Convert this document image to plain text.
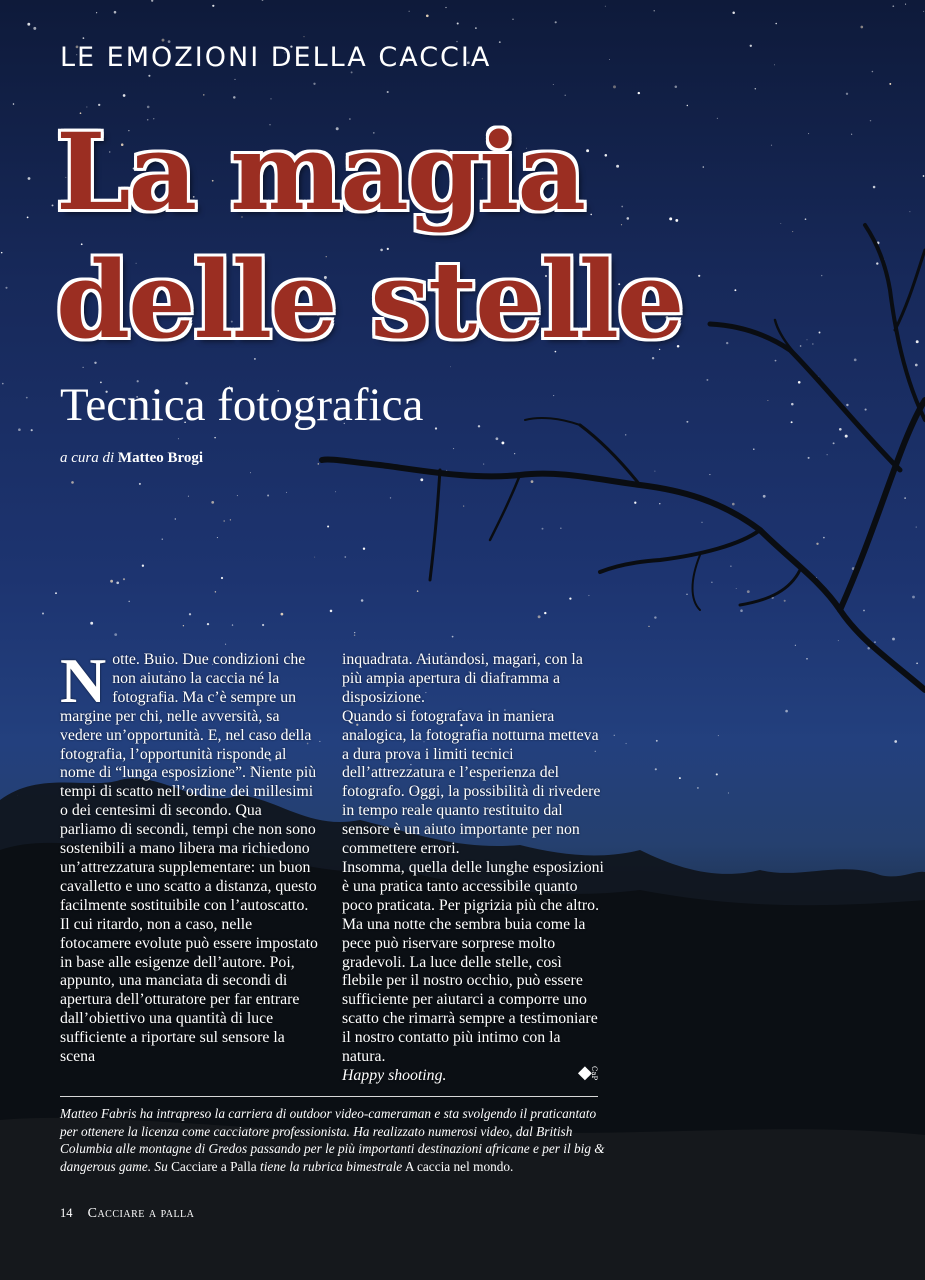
LE EMOZIONI DELLA CACCIA
La magia
delle stelle
Tecnica fotografica
a cura di Matteo Brogi
N otte. Buio. Due condizioni che non aiutano la caccia né la fotografia. Ma c’è sempre un margine per chi, nelle avversità, sa vedere un’opportunità. E, nel caso della fotografia, l’opportunità risponde al nome di “lunga esposizione”. Niente più tempi di scatto nell’ordine dei millesimi o dei centesimi di secondo. Qua parliamo di secondi, tempi che non sono sostenibili a mano libera ma richiedono un’attrezzatura supplementare: un buon cavalletto e uno scatto a distanza, questo facilmente sostituibile con l’autoscatto. Il cui ritardo, non a caso, nelle fotocamere evolute può essere impostato in base alle esigenze dell’autore. Poi, appunto, una manciata di secondi di apertura dell’otturatore per far entrare dall’obiettivo una quantità di luce sufficiente a riportare sul sensore la scena

inquadrata. Aiutandosi, magari, con la più ampia apertura di diaframma a disposizione.

Quando si fotografava in maniera analogica, la fotografia notturna metteva a dura prova i limiti tecnici dell’attrezzatura e l’esperienza del fotografo. Oggi, la possibilità di rivedere in tempo reale quanto restituito dal sensore è un aiuto importante per non commettere errori.

Insomma, quella delle lunghe esposizioni è una pratica tanto accessibile quanto poco praticata. Per pigrizia più che altro. Ma una notte che sembra buia come la pece può riservare sorprese molto gradevoli. La luce delle stelle, così flebile per il nostro occhio, può essere sufficiente per aiutarci a comporre uno scatto che rimarrà sempre a testimoniare il nostro contatto più intimo con la natura.

Happy shooting.	◆
CaP
Matteo Fabris ha intrapreso la carriera di outdoor video-cameraman e sta svolgendo il praticantato per ottenere la licenza come cacciatore professionista. Ha realizzato numerosi video, dal British Columbia alle montagne di Gredos passando per le più importanti destinazioni africane e per il big & dangerous game. Su Cacciare a Palla tiene la rubrica bimestrale A caccia nel mondo.
14 Cacciare a palla
